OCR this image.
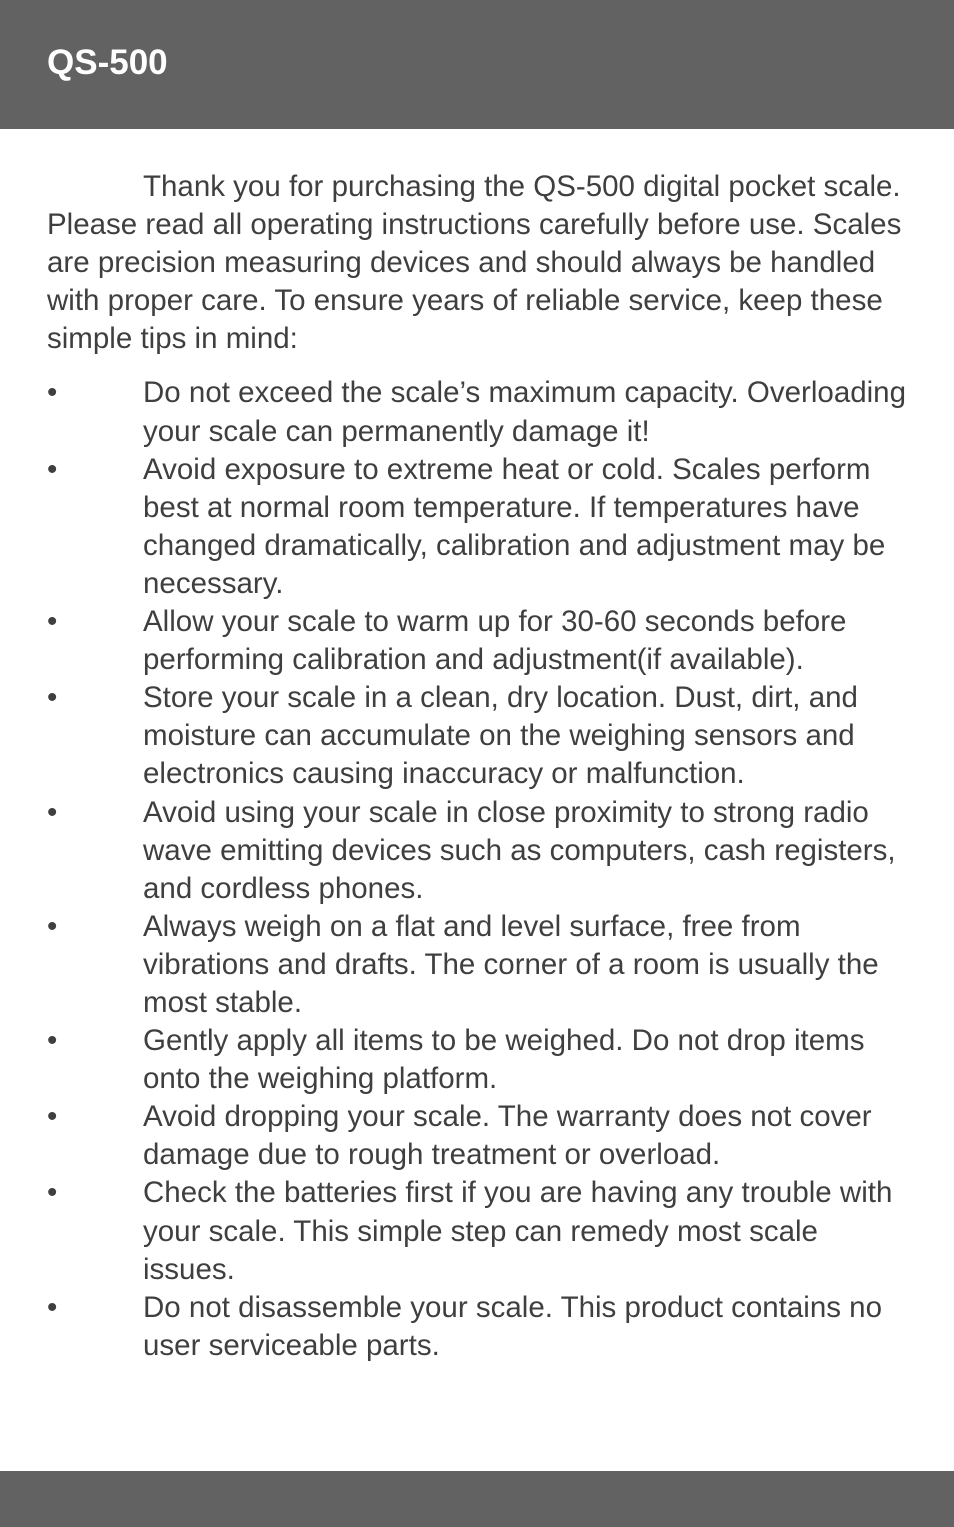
QS-500

Thank you for purchasing the QS-500 digital pocket scale. Please read all operating instructions carefully before use. Scales are precision measuring devices and should always be handled with proper care. To ensure years of reliable service, keep these simple tips in mind:

•	Do not exceed the scale’s maximum capacity. Overloading your scale can permanently damage it!
•	Avoid exposure to extreme heat or cold. Scales perform best at normal room temperature. If temperatures have changed dramatically, calibration and adjustment may be necessary.
•	Allow your scale to warm up for 30-60 seconds before performing calibration and adjustment(if available).
•	Store your scale in a clean, dry location. Dust, dirt, and moisture can accumulate on the weighing sensors and electronics causing inaccuracy or malfunction.
•	Avoid using your scale in close proximity to strong radio wave emitting devices such as computers, cash registers, and cordless phones.
•	Always weigh on a flat and level surface, free from vibrations and drafts. The corner of a room is usually the most stable.
•	Gently apply all items to be weighed. Do not drop items onto the weighing platform.
•	Avoid dropping your scale. The warranty does not cover damage due to rough treatment or overload.
•	Check the batteries first if you are having any trouble with your scale. This simple step can remedy most scale issues.
•	Do not disassemble your scale. This product contains no user serviceable parts.
